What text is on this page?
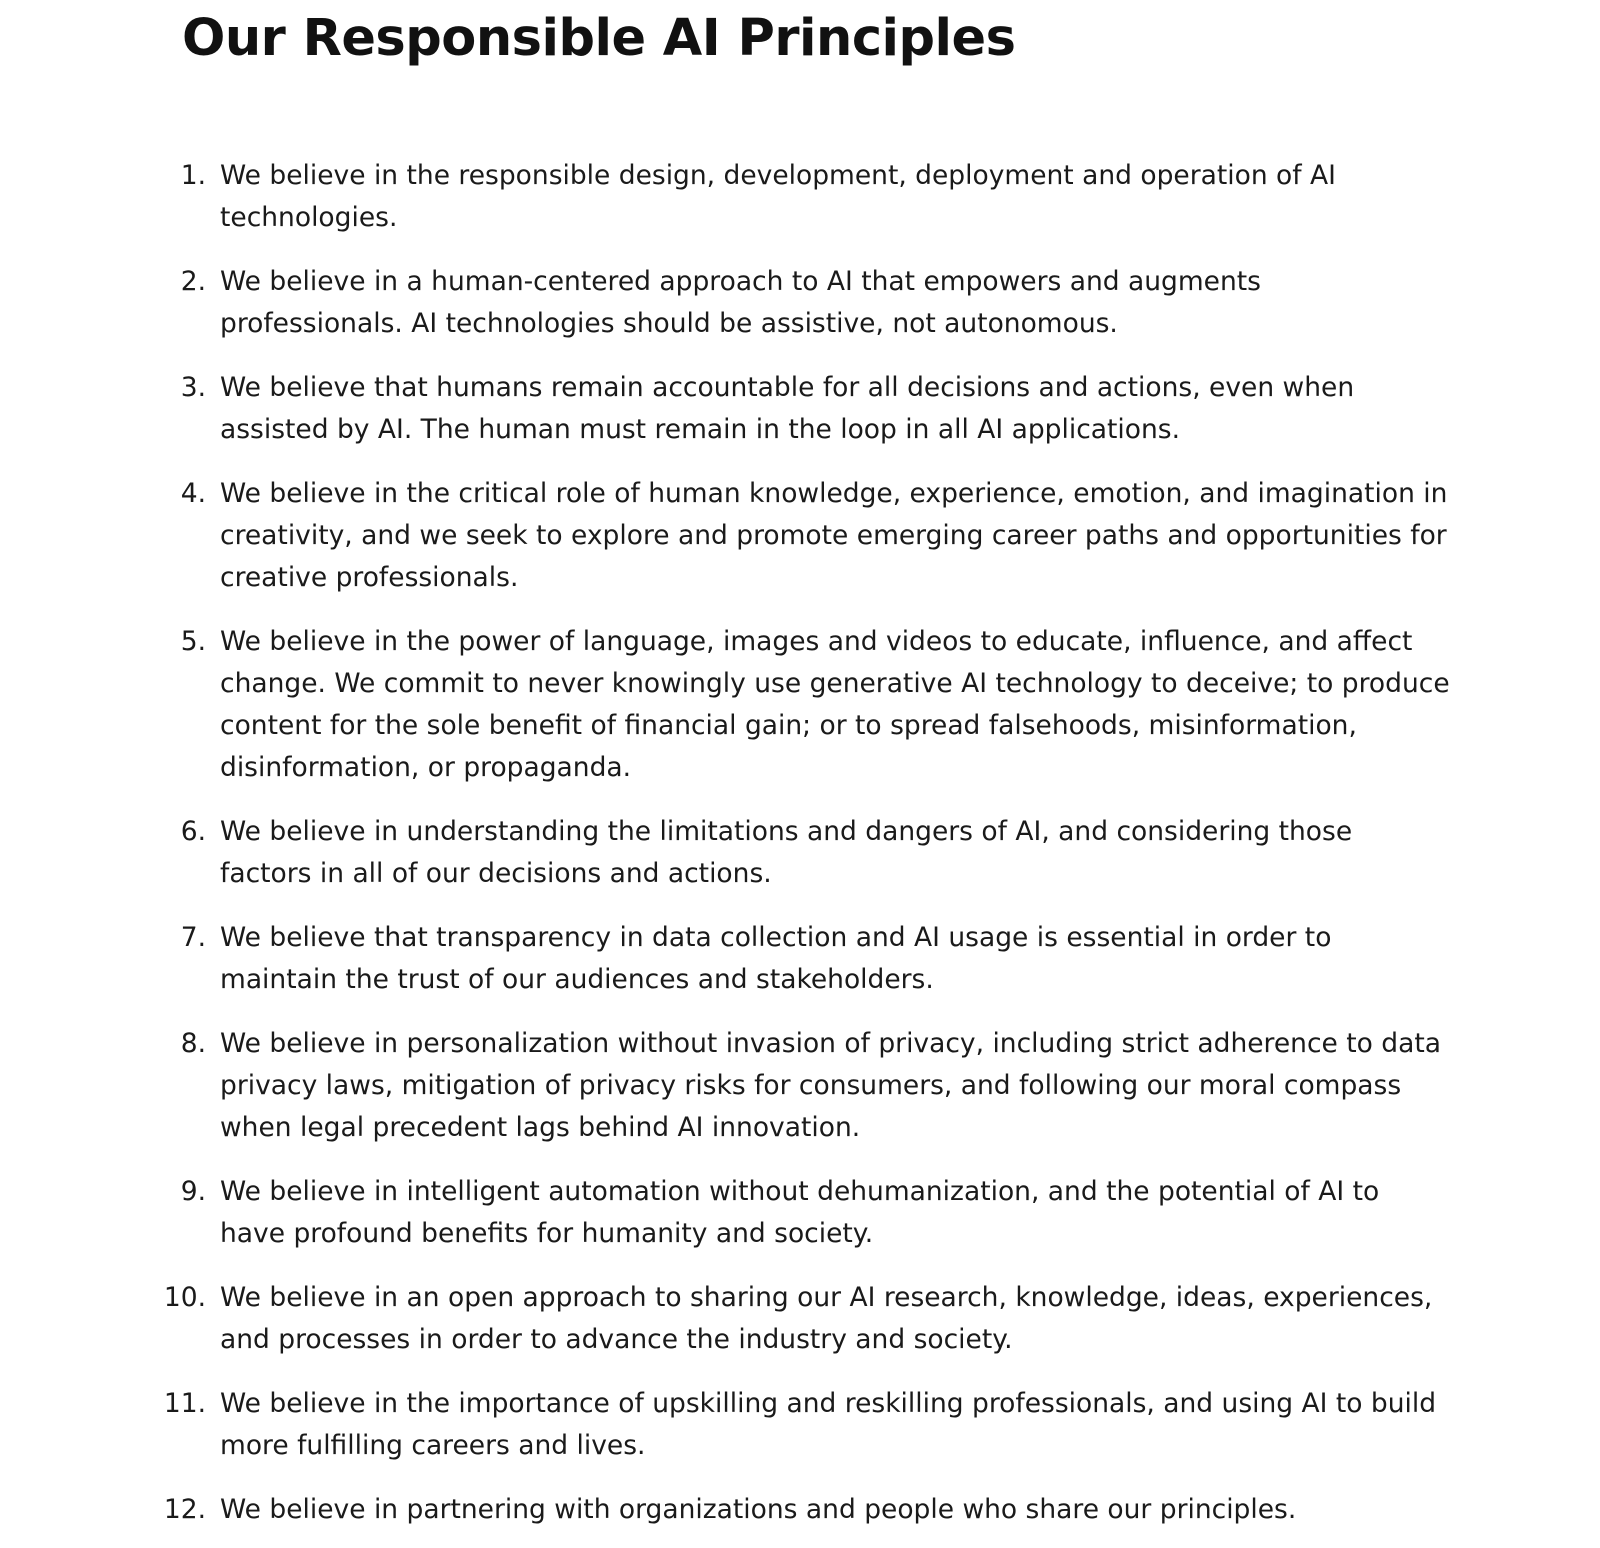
Our Responsible AI Principles
1. We believe in the responsible design, development, deployment and operation of AI technologies.
2. We believe in a human-centered approach to AI that empowers and augments professionals. AI technologies should be assistive, not autonomous.
3. We believe that humans remain accountable for all decisions and actions, even when assisted by AI. The human must remain in the loop in all AI applications.
4. We believe in the critical role of human knowledge, experience, emotion, and imagination in creativity, and we seek to explore and promote emerging career paths and opportunities for creative professionals.
5. We believe in the power of language, images and videos to educate, influence, and affect change. We commit to never knowingly use generative AI technology to deceive; to produce content for the sole benefit of financial gain; or to spread falsehoods, misinformation, disinformation, or propaganda.
6. We believe in understanding the limitations and dangers of AI, and considering those factors in all of our decisions and actions.
7. We believe that transparency in data collection and AI usage is essential in order to maintain the trust of our audiences and stakeholders.
8. We believe in personalization without invasion of privacy, including strict adherence to data privacy laws, mitigation of privacy risks for consumers, and following our moral compass when legal precedent lags behind AI innovation.
9. We believe in intelligent automation without dehumanization, and the potential of AI to have profound benefits for humanity and society.
10. We believe in an open approach to sharing our AI research, knowledge, ideas, experiences, and processes in order to advance the industry and society.
11. We believe in the importance of upskilling and reskilling professionals, and using AI to build more fulfilling careers and lives.
12. We believe in partnering with organizations and people who share our principles.
